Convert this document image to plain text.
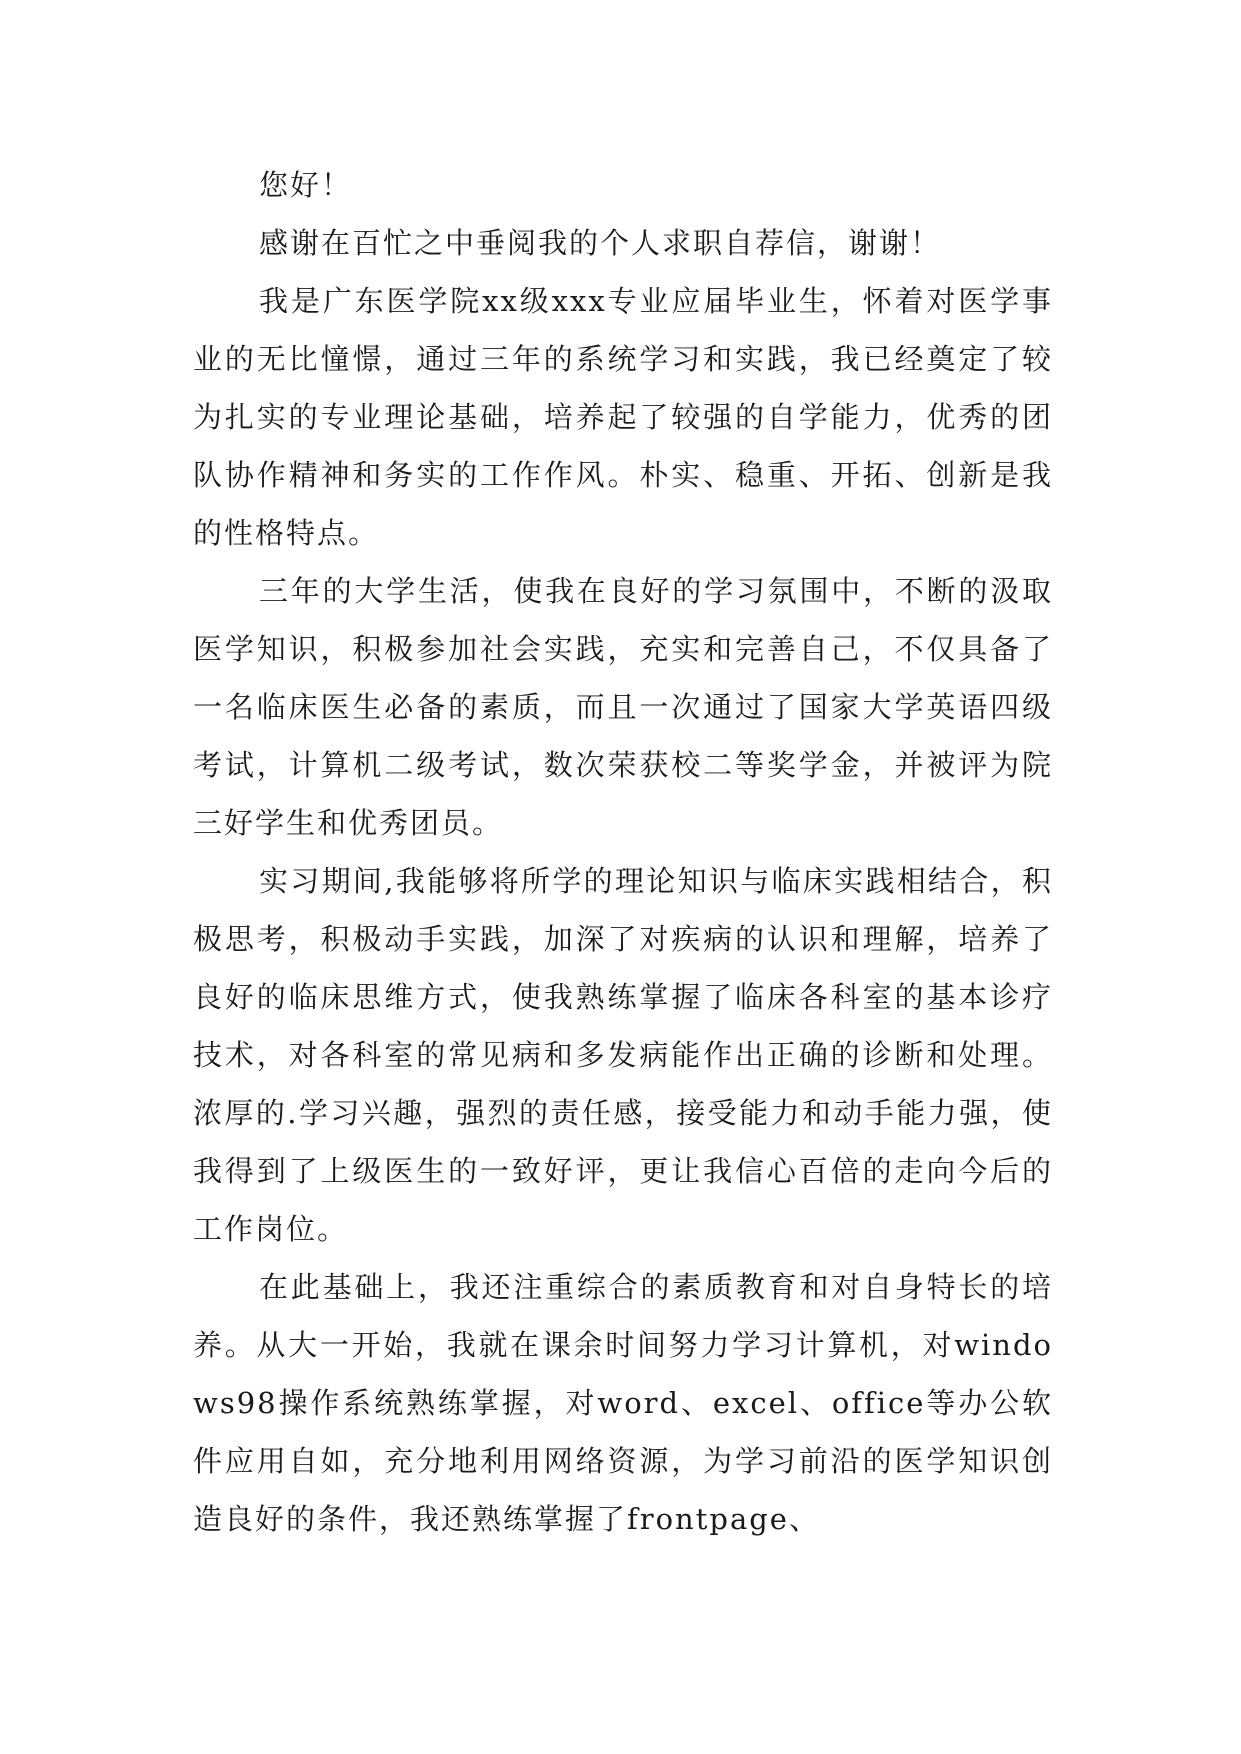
您好！

感谢在百忙之中垂阅我的个人求职自荐信，谢谢！

我是广东医学院xx级xxx专业应届毕业生，怀着对医学事业的无比憧憬，通过三年的系统学习和实践，我已经奠定了较为扎实的专业理论基础，培养起了较强的自学能力，优秀的团队协作精神和务实的工作作风。朴实、稳重、开拓、创新是我的性格特点。

三年的大学生活，使我在良好的学习氛围中，不断的汲取医学知识，积极参加社会实践，充实和完善自己，不仅具备了一名临床医生必备的素质，而且一次通过了国家大学英语四级考试，计算机二级考试，数次荣获校二等奖学金，并被评为院三好学生和优秀团员。

实习期间,我能够将所学的理论知识与临床实践相结合，积极思考，积极动手实践，加深了对疾病的认识和理解，培养了良好的临床思维方式，使我熟练掌握了临床各科室的基本诊疗技术，对各科室的常见病和多发病能作出正确的诊断和处理。浓厚的.学习兴趣，强烈的责任感，接受能力和动手能力强，使我得到了上级医生的一致好评，更让我信心百倍的走向今后的工作岗位。

在此基础上，我还注重综合的素质教育和对自身特长的培养。从大一开始，我就在课余时间努力学习计算机，对windows98操作系统熟练掌握，对word、excel、office等办公软件应用自如，充分地利用网络资源，为学习前沿的医学知识创造良好的条件，我还熟练掌握了frontpage、
